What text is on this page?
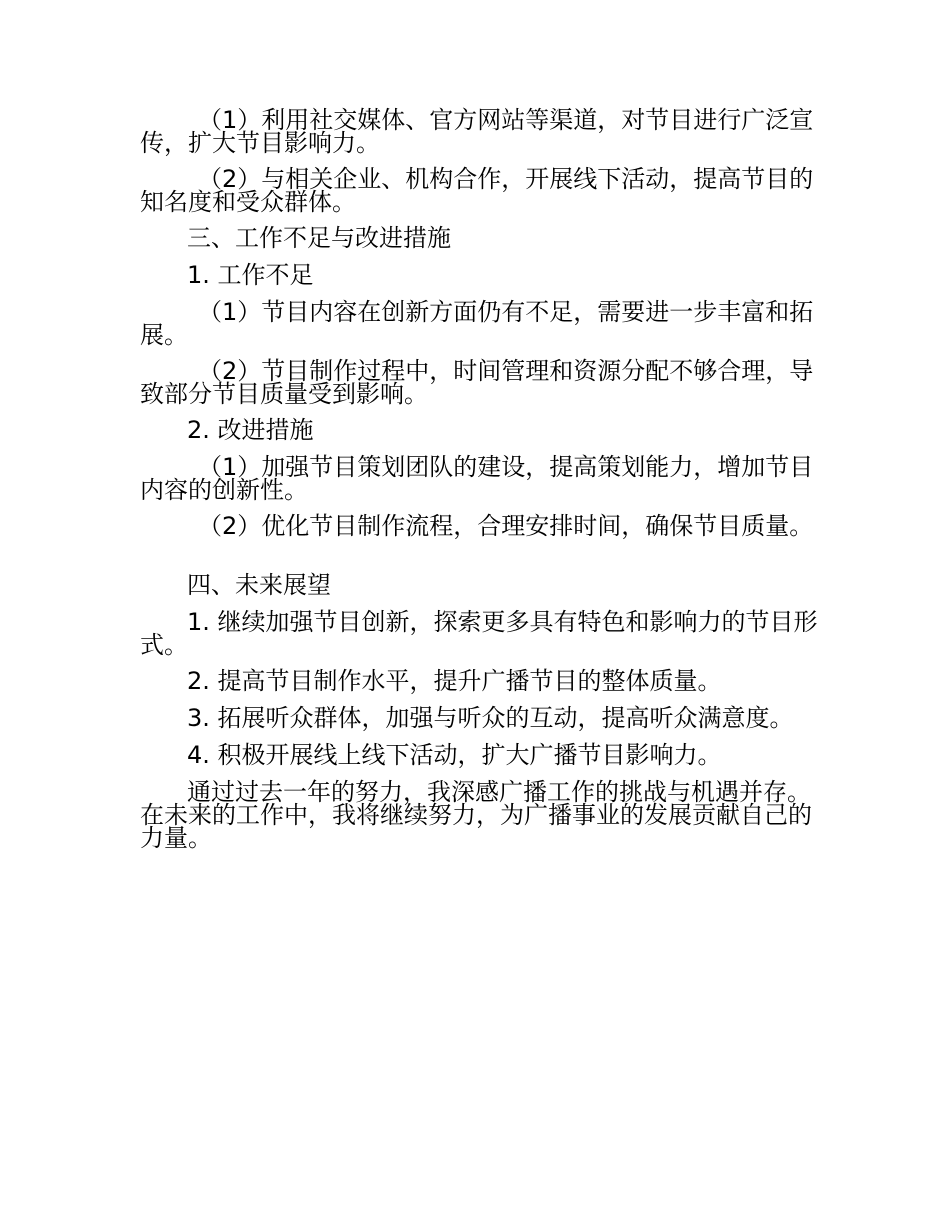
（1）利用社交媒体、官方网站等渠道，对节目进行广泛宣传，扩大节目影响力。
（2）与相关企业、机构合作，开展线下活动，提高节目的知名度和受众群体。
三、工作不足与改进措施
1. 工作不足
（1）节目内容在创新方面仍有不足，需要进一步丰富和拓展。
（2）节目制作过程中，时间管理和资源分配不够合理，导致部分节目质量受到影响。
2. 改进措施
（1）加强节目策划团队的建设，提高策划能力，增加节目内容的创新性。
（2）优化节目制作流程，合理安排时间，确保节目质量。
四、未来展望
1. 继续加强节目创新，探索更多具有特色和影响力的节目形式。
2. 提高节目制作水平，提升广播节目的整体质量。
3. 拓展听众群体，加强与听众的互动，提高听众满意度。
4. 积极开展线上线下活动，扩大广播节目影响力。
通过过去一年的努力，我深感广播工作的挑战与机遇并存。在未来的工作中，我将继续努力，为广播事业的发展贡献自己的力量。
